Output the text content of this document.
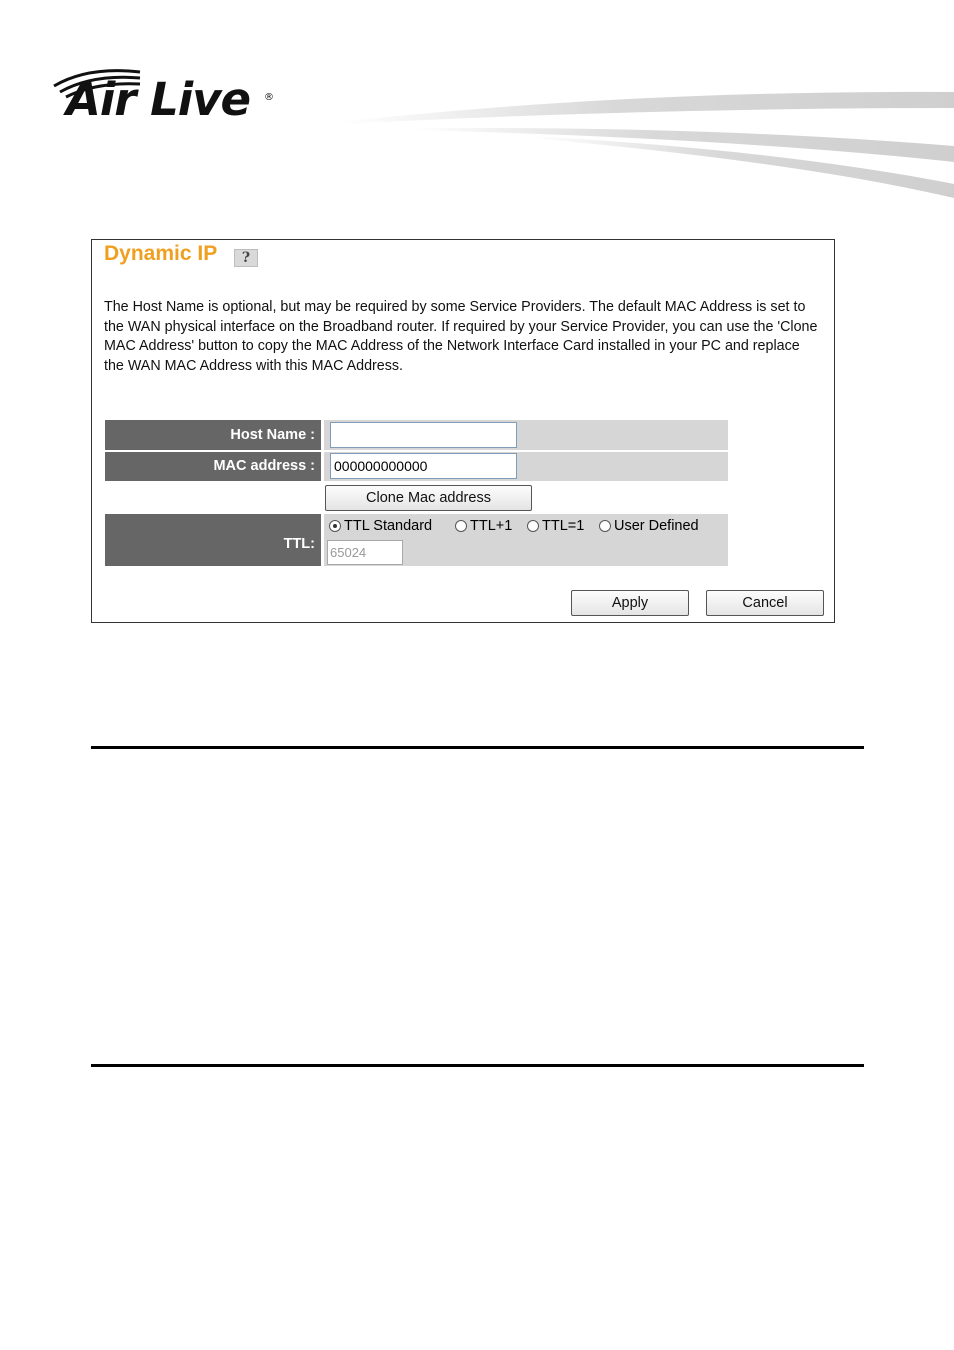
Air Live ®
Dynamic IP	?
The Host Name is optional, but may be required by some Service Providers. The default MAC Address is set to the WAN physical interface on the Broadband router. If required by your Service Provider, you can use the 'Clone MAC Address' button to copy the MAC Address of the Network Interface Card installed in your PC and replace the WAN MAC Address with this MAC Address.
Host Name :
MAC address :
000000000000
Clone Mac address
TTL:
TTL Standard	TTL+1 TTL=1 User Defined
65024
Apply	Cancel
